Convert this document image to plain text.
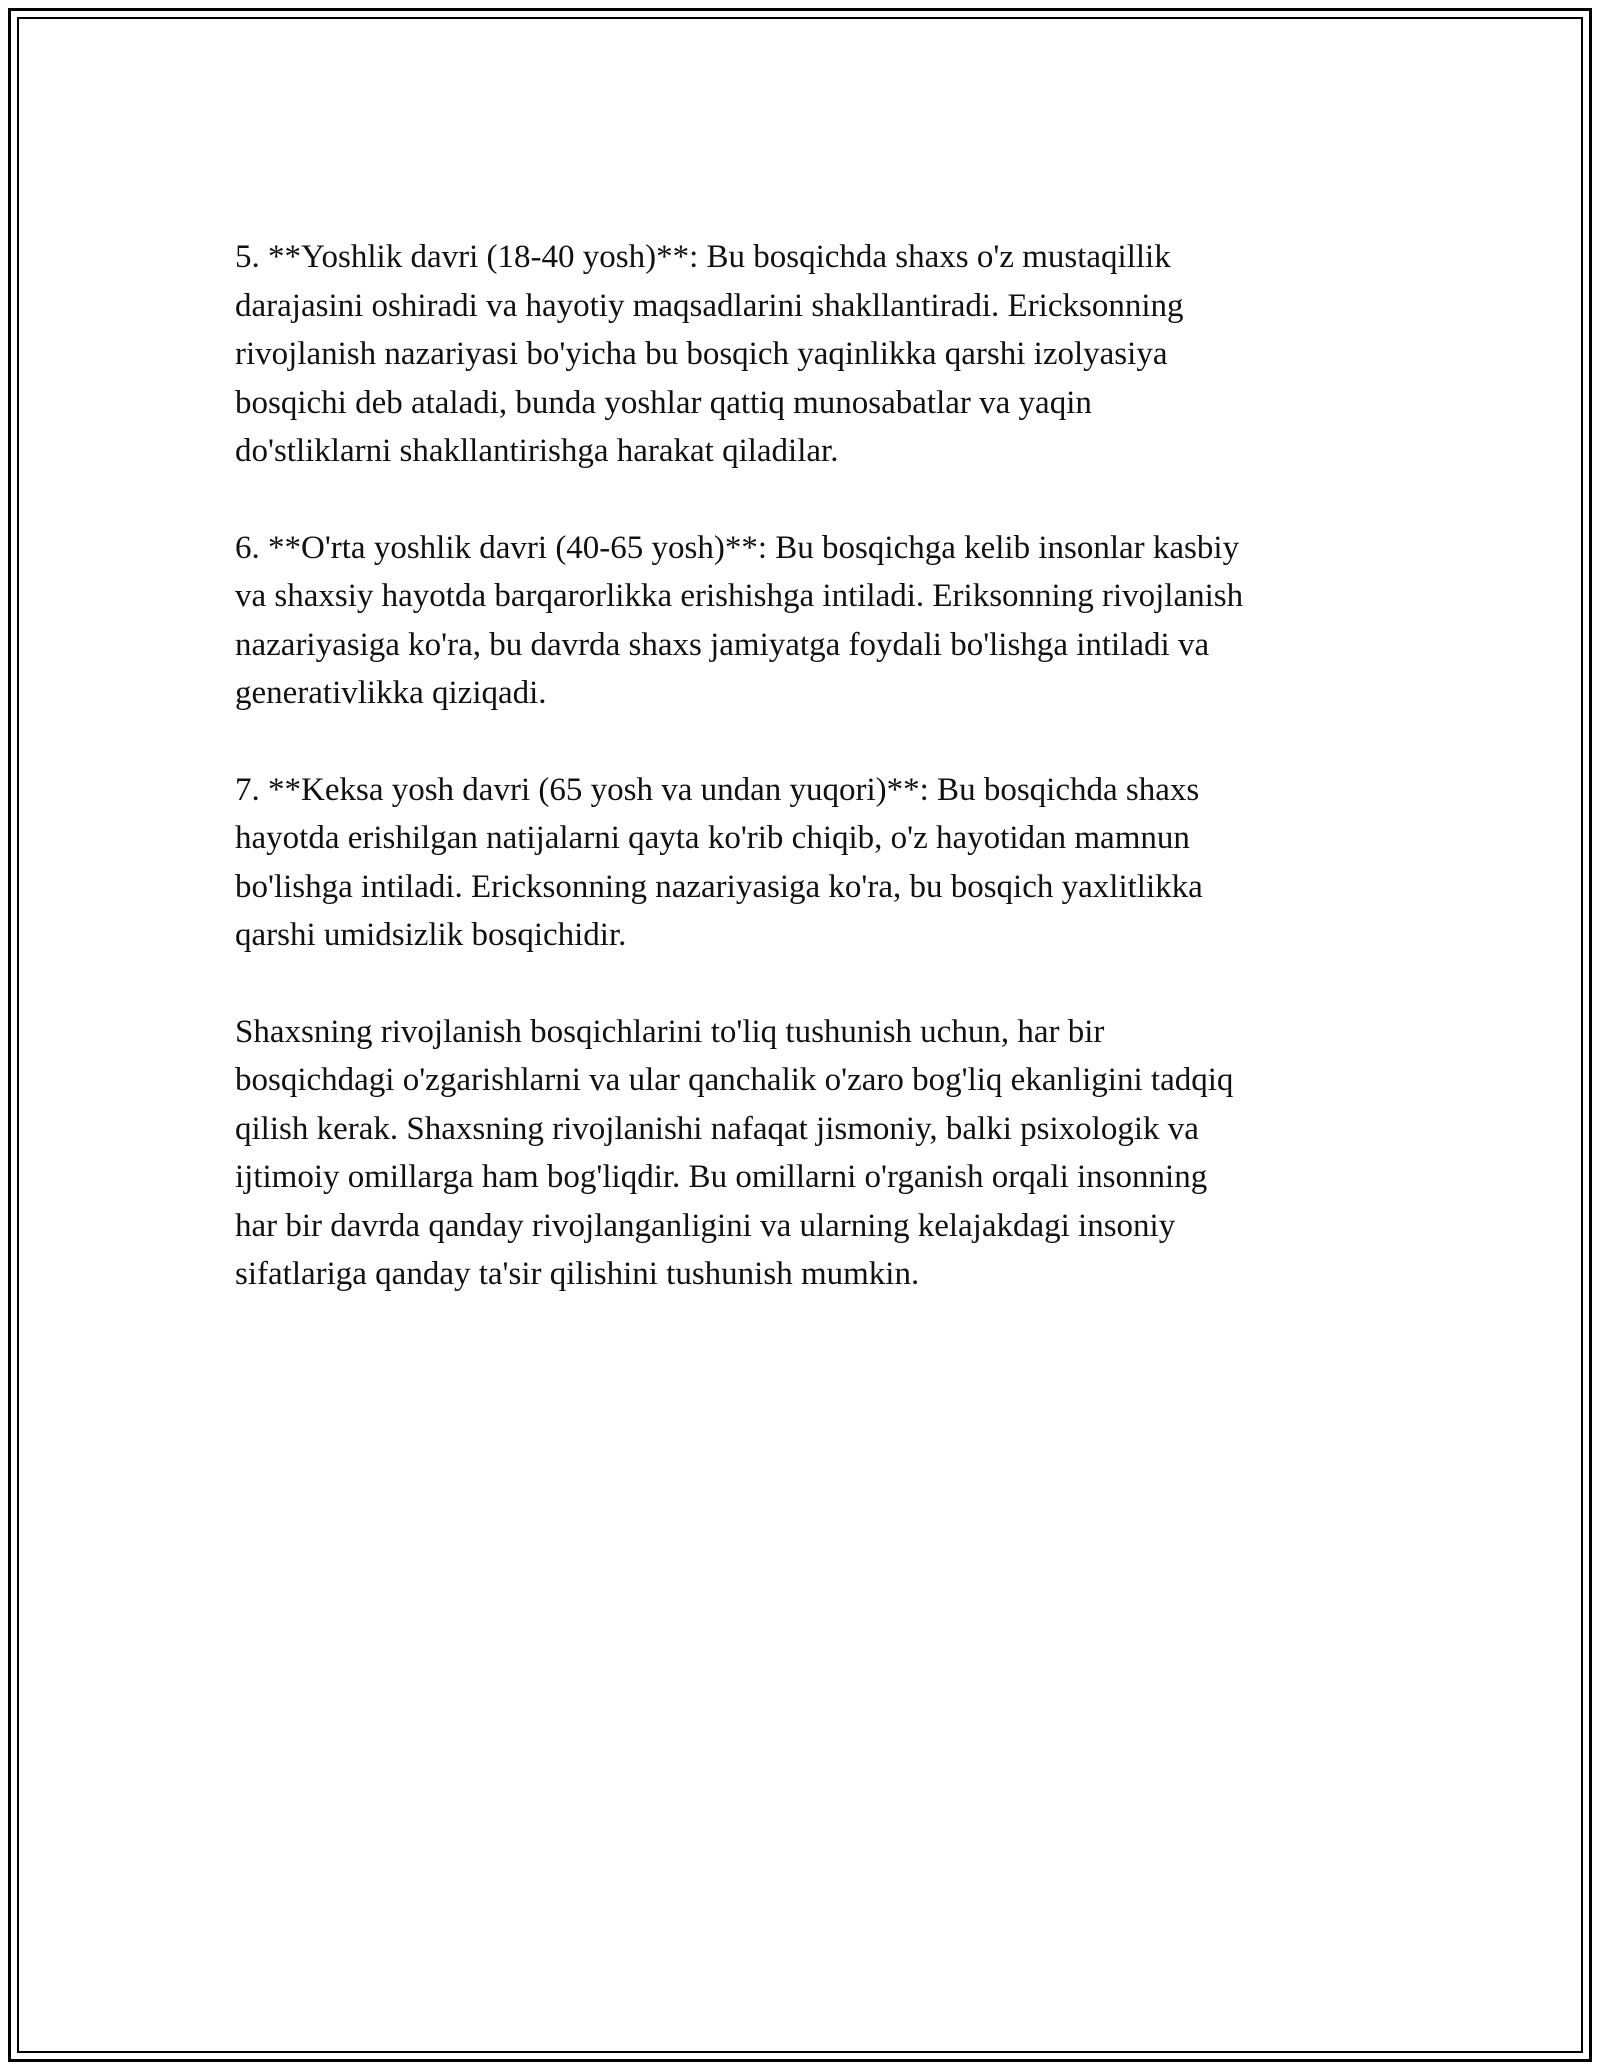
5. **Yoshlik davri (18-40 yosh)**: Bu bosqichda shaxs o'z mustaqillik
darajasini oshiradi va hayotiy maqsadlarini shakllantiradi. Ericksonning
rivojlanish nazariyasi bo'yicha bu bosqich yaqinlikka qarshi izolyasiya
bosqichi deb ataladi, bunda yoshlar qattiq munosabatlar va yaqin
do'stliklarni shakllantirishga harakat qiladilar.

6. **O'rta yoshlik davri (40-65 yosh)**: Bu bosqichga kelib insonlar kasbiy
va shaxsiy hayotda barqarorlikka erishishga intiladi. Eriksonning rivojlanish
nazariyasiga ko'ra, bu davrda shaxs jamiyatga foydali bo'lishga intiladi va
generativlikka qiziqadi.

7. **Keksa yosh davri (65 yosh va undan yuqori)**: Bu bosqichda shaxs
hayotda erishilgan natijalarni qayta ko'rib chiqib, o'z hayotidan mamnun
bo'lishga intiladi. Ericksonning nazariyasiga ko'ra, bu bosqich yaxlitlikka
qarshi umidsizlik bosqichidir.

Shaxsning rivojlanish bosqichlarini to'liq tushunish uchun, har bir
bosqichdagi o'zgarishlarni va ular qanchalik o'zaro bog'liq ekanligini tadqiq
qilish kerak. Shaxsning rivojlanishi nafaqat jismoniy, balki psixologik va
ijtimoiy omillarga ham bog'liqdir. Bu omillarni o'rganish orqali insonning
har bir davrda qanday rivojlanganligini va ularning kelajakdagi insoniy
sifatlariga qanday ta'sir qilishini tushunish mumkin.
